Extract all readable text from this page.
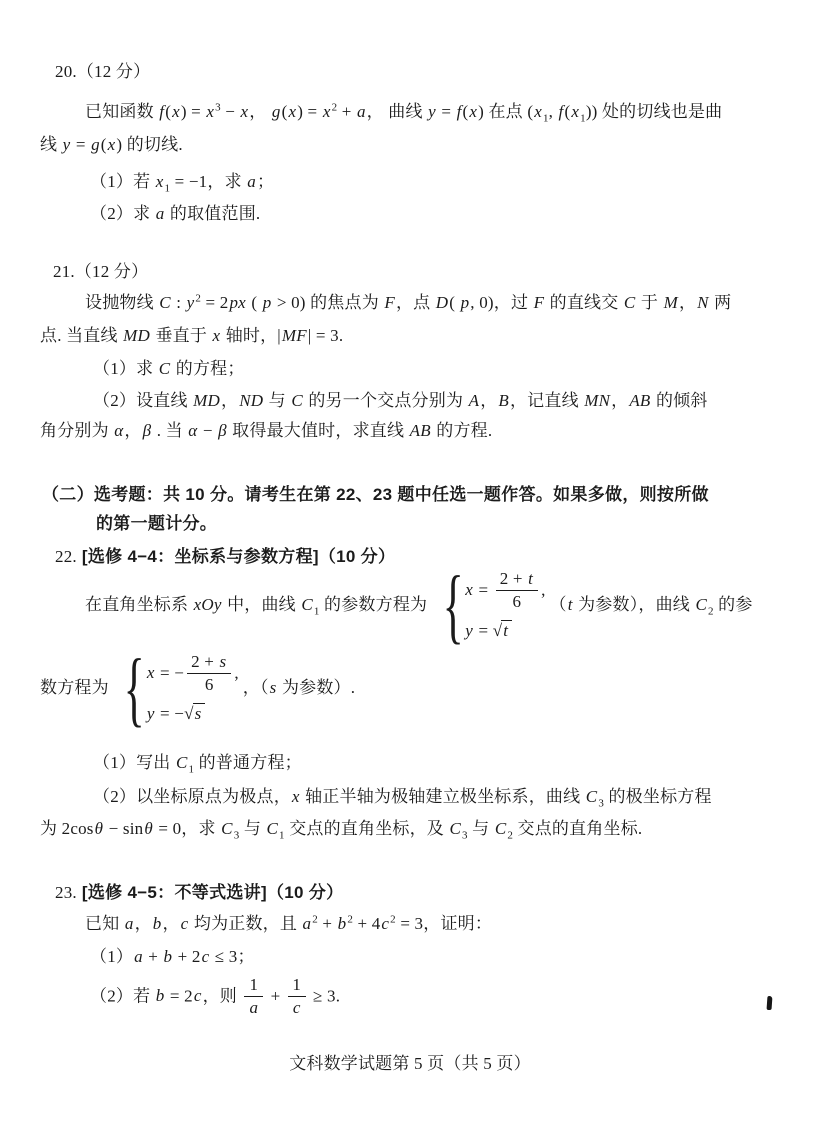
20.（12 分）
已知函数 $f(x) = x^3 - x$， $g(x) = x^2 + a$， 曲线 y = f(x) 在点 ($x_1$, $f(x_1)$) 处的切线也是曲
线 y = g(x) 的切线.
（1）若 $x_1 = -1$，求 a；
（2）求 a 的取值范围.
21.（12 分）
设抛物线 C : $y^2 = 2px$ ( p > 0) 的焦点为 F，点 D( p, 0)，过 F 的直线交 C 于 M，N 两
点. 当直线 MD 垂直于 x 轴时，|MF| = 3.
（1）求 C 的方程；
（2）设直线 MD，ND 与 C 的另一个交点分别为 A，B，记直线 MN，AB 的倾斜
角分别为 α，β . 当 α − β 取得最大值时，求直线 AB 的方程.
（二）选考题：共 10 分。请考生在第 22、23 题中任选一题作答。如果多做，则按所做
的第一题计分。
22. [选修 4−4：坐标系与参数方程]（10 分）
在直角坐标系 xOy 中，曲线 $C_1$ 的参数方程为 { $x = \frac{2 + t}{6}$ ,
y = √t
（t 为参数），曲线 $C_2$ 的参
数方程为 { x = − $\frac{2 + s}{6}$ ,
y = −√s
，（s 为参数）.
（1）写出 $C_1$ 的普通方程；
（2）以坐标原点为极点，x 轴正半轴为极轴建立极坐标系，曲线 $C_3$ 的极坐标方程
为 2cosθ − sinθ = 0，求 $C_3$ 与 $C_1$ 交点的直角坐标，及 $C_3$ 与 $C_2$ 交点的直角坐标.
23. [选修 4−5：不等式选讲]（10 分）
已知 a，b，c 均为正数，且 $a^2 + b^2 + 4c^2 = 3$，证明：
（1）a + b + 2c ≤ 3；
（2）若 b = 2c，则 $\frac{1}{a} + \frac{1}{c} \ge 3$.
文科数学试题第 5 页（共 5 页）
